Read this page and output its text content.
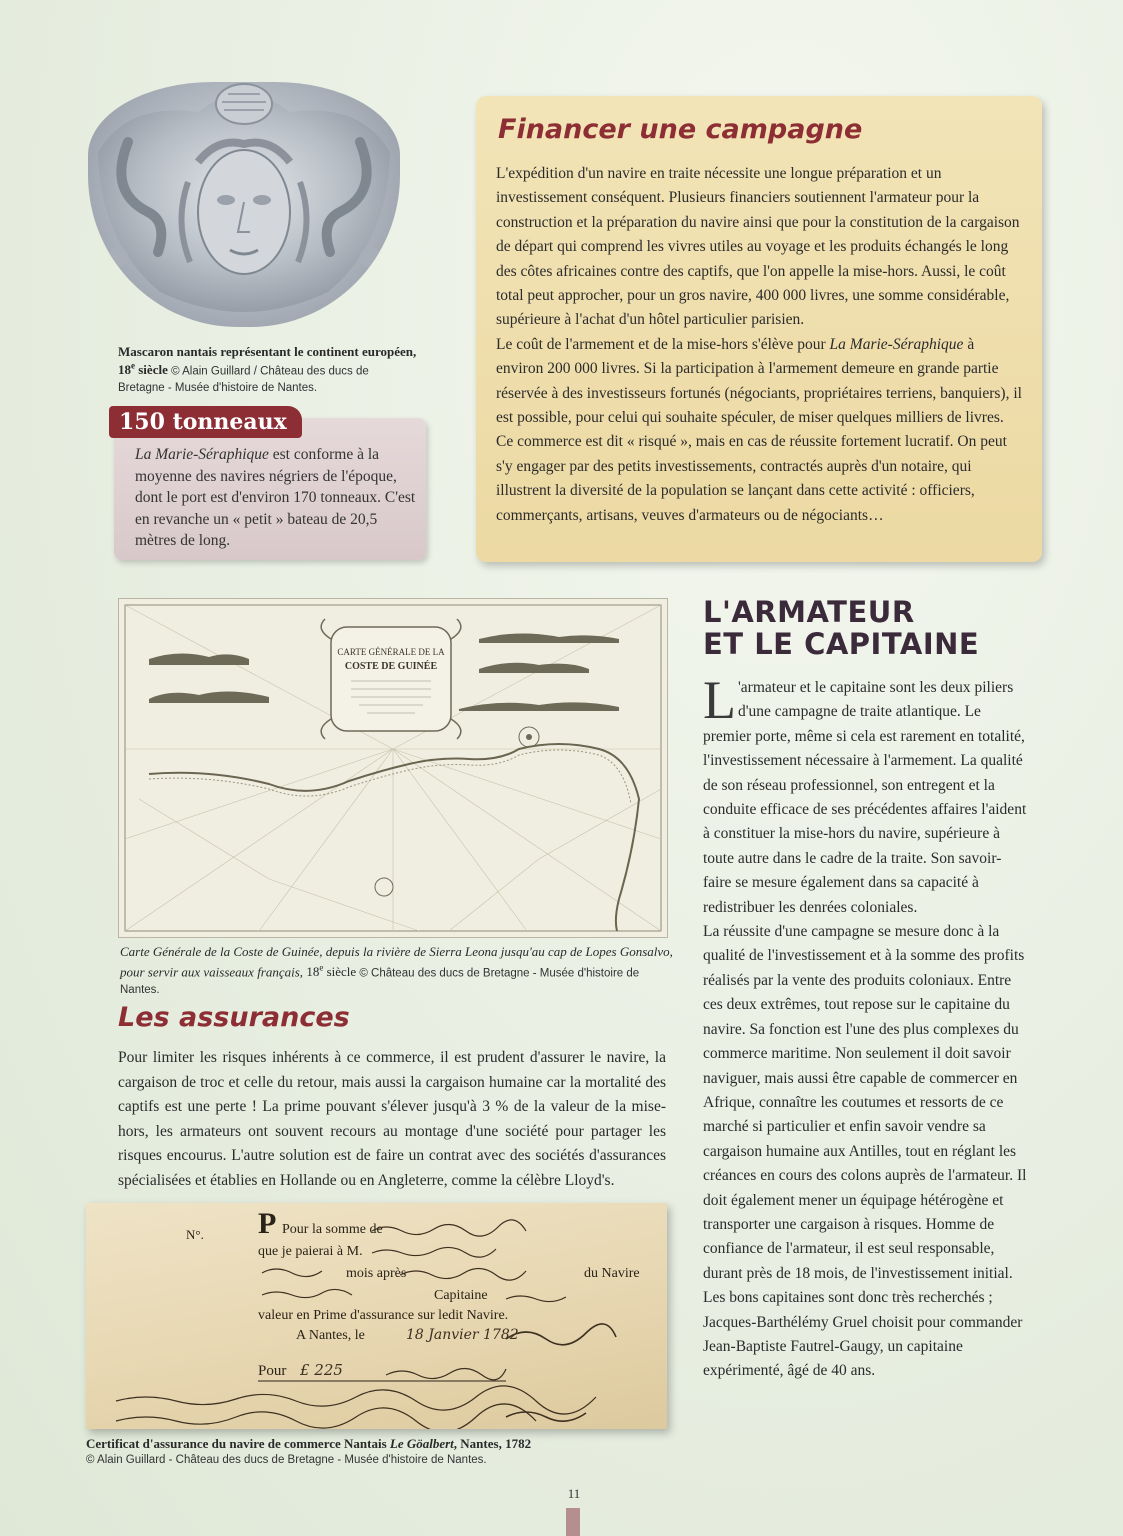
Mascaron nantais représentant le continent européen, 18e siècle © Alain Guillard / Château des ducs de Bretagne - Musée d'histoire de Nantes.
150 tonneaux
La Marie-Séraphique est conforme à la moyenne des navires négriers de l'époque, dont le port est d'environ 170 tonneaux. C'est en revanche un « petit » bateau de 20,5 mètres de long.
Financer une campagne
L'expédition d'un navire en traite nécessite une longue préparation et un investissement conséquent. Plusieurs financiers soutiennent l'armateur pour la construction et la préparation du navire ainsi que pour la constitution de la cargaison de départ qui comprend les vivres utiles au voyage et les produits échangés le long des côtes africaines contre des captifs, que l'on appelle la mise-hors. Aussi, le coût total peut approcher, pour un gros navire, 400 000 livres, une somme considérable, supérieure à l'achat d'un hôtel particulier parisien.
Le coût de l'armement et de la mise-hors s'élève pour La Marie-Séraphique à environ 200 000 livres. Si la participation à l'armement demeure en grande partie réservée à des investisseurs fortunés (négociants, propriétaires terriens, banquiers), il est possible, pour celui qui souhaite spéculer, de miser quelques milliers de livres. Ce commerce est dit « risqué », mais en cas de réussite fortement lucratif. On peut s'y engager par des petits investissements, contractés auprès d'un notaire, qui illustrent la diversité de la population se lançant dans cette activité : officiers, commerçants, artisans, veuves d'armateurs ou de négociants…
CARTE GÉNÉRALE DE LA
COSTE DE GUINÉE
Carte Générale de la Coste de Guinée, depuis la rivière de Sierra Leona jusqu'au cap de Lopes Gonsalvo, pour servir aux vaisseaux français, 18e siècle © Château des ducs de Bretagne - Musée d'histoire de Nantes.
L'ARMATEUR
ET LE CAPITAINE
L 'armateur et le capitaine sont les deux piliers d'une campagne de traite atlantique. Le premier porte, même si cela est rarement en totalité, l'investissement nécessaire à l'armement. La qualité de son réseau professionnel, son entregent et la conduite efficace de ses précédentes affaires l'aident à constituer la mise-hors du navire, supérieure à toute autre dans le cadre de la traite. Son savoir-faire se mesure également dans sa capacité à redistribuer les denrées coloniales.
La réussite d'une campagne se mesure donc à la qualité de l'investissement et à la somme des profits réalisés par la vente des produits coloniaux. Entre ces deux extrêmes, tout repose sur le capitaine du navire. Sa fonction est l'une des plus complexes du commerce maritime. Non seulement il doit savoir naviguer, mais aussi être capable de commercer en Afrique, connaître les coutumes et ressorts de ce marché si particulier et enfin savoir vendre sa cargaison humaine aux Antilles, tout en réglant les créances en cours des colons auprès de l'armateur. Il doit également mener un équipage hétérogène et transporter une cargaison à risques. Homme de confiance de l'armateur, il est seul responsable, durant près de 18 mois, de l'investissement initial.
Les bons capitaines sont donc très recherchés ; Jacques-Barthélémy Gruel choisit pour commander Jean-Baptiste Fautrel-Gaugy, un capitaine expérimenté, âgé de 40 ans.
Les assurances
Pour limiter les risques inhérents à ce commerce, il est prudent d'assurer le navire, la cargaison de troc et celle du retour, mais aussi la cargaison humaine car la mortalité des captifs est une perte ! La prime pouvant s'élever jusqu'à 3 % de la valeur de la mise-hors, les armateurs ont souvent recours au montage d'une société pour partager les risques encourus. L'autre solution est de faire un contrat avec des sociétés d'assurances spécialisées et établies en Hollande ou en Angleterre, comme la célèbre Lloyd's.
N°. P Pour la somme de
que je paierai à M.
mois après	du Navire
Capitaine
valeur en Prime d'assurance sur ledit Navire.
A Nantes, le
Pour
18 Janvier 1782
£ 225
Certificat d'assurance du navire de commerce Nantais Le Göalbert, Nantes, 1782
© Alain Guillard - Château des ducs de Bretagne - Musée d'histoire de Nantes.
11
